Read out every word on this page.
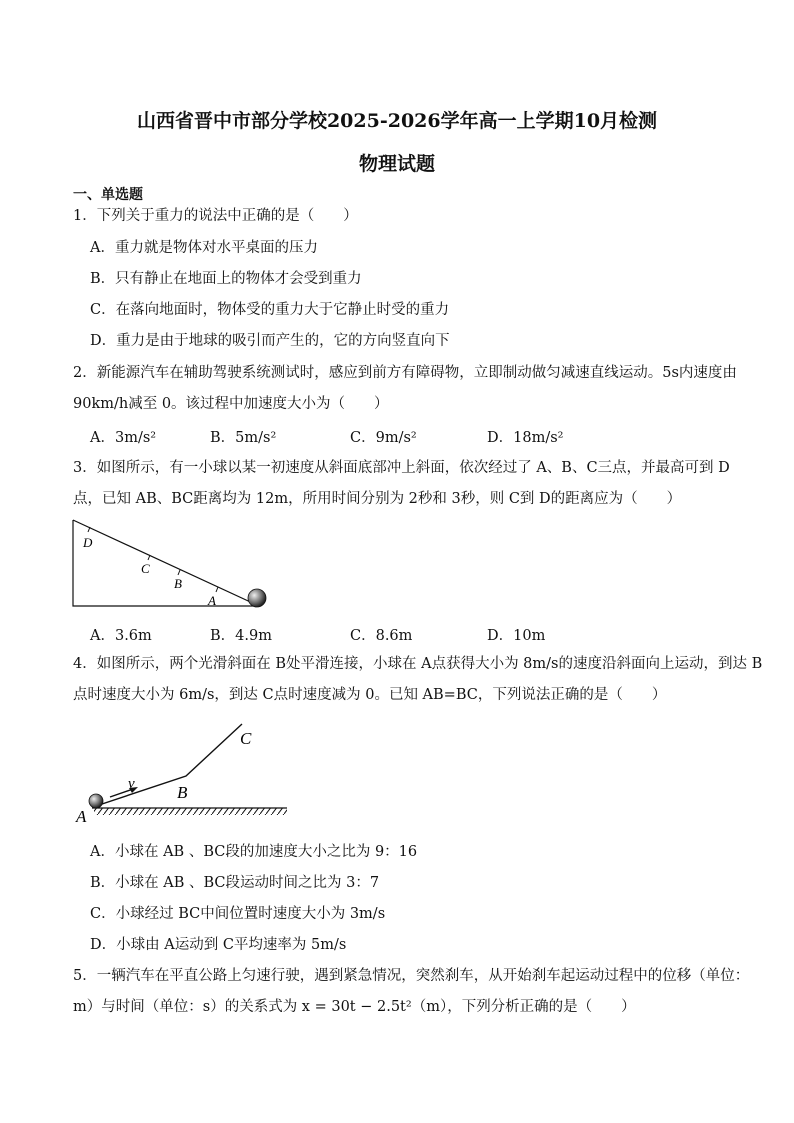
山西省晋中市部分学校2025-2026学年高一上学期10月检测
物理试题
一、单选题
1．下列关于重力的说法中正确的是（　　）
A．重力就是物体对水平桌面的压力
B．只有静止在地面上的物体才会受到重力
C．在落向地面时，物体受的重力大于它静止时受的重力
D．重力是由于地球的吸引而产生的，它的方向竖直向下
2．新能源汽车在辅助驾驶系统测试时，感应到前方有障碍物，立即制动做匀减速直线运动。5s内速度由
90km/h减至 0。该过程中加速度大小为（　　）
A．3m/s²	B．5m/s²	C．9m/s²	D．18m/s²
3．如图所示，有一小球以某一初速度从斜面底部冲上斜面，依次经过了 A、B、C三点，并最高可到 D
点，已知 AB、BC距离均为 12m，所用时间分别为 2秒和 3秒，则 C到 D的距离应为（　　）
D
C
B
A
A．3.6m	B．4.9m	C．8.6m	D．10m
4．如图所示，两个光滑斜面在 B处平滑连接，小球在 A点获得大小为 8m/s的速度沿斜面向上运动，到达 B
点时速度大小为 6m/s，到达 C点时速度减为 0。已知 AB=BC，下列说法正确的是（　　）
v
A
B
C
A．小球在 AB 、BC段的加速度大小之比为 9：16
B．小球在 AB 、BC段运动时间之比为 3：7
C．小球经过 BC中间位置时速度大小为 3m/s
D．小球由 A运动到 C平均速率为 5m/s
5．一辆汽车在平直公路上匀速行驶，遇到紧急情况，突然刹车，从开始刹车起运动过程中的位移（单位：
m）与时间（单位：s）的关系式为 x = 30t − 2.5t²（m），下列分析正确的是（　　）
